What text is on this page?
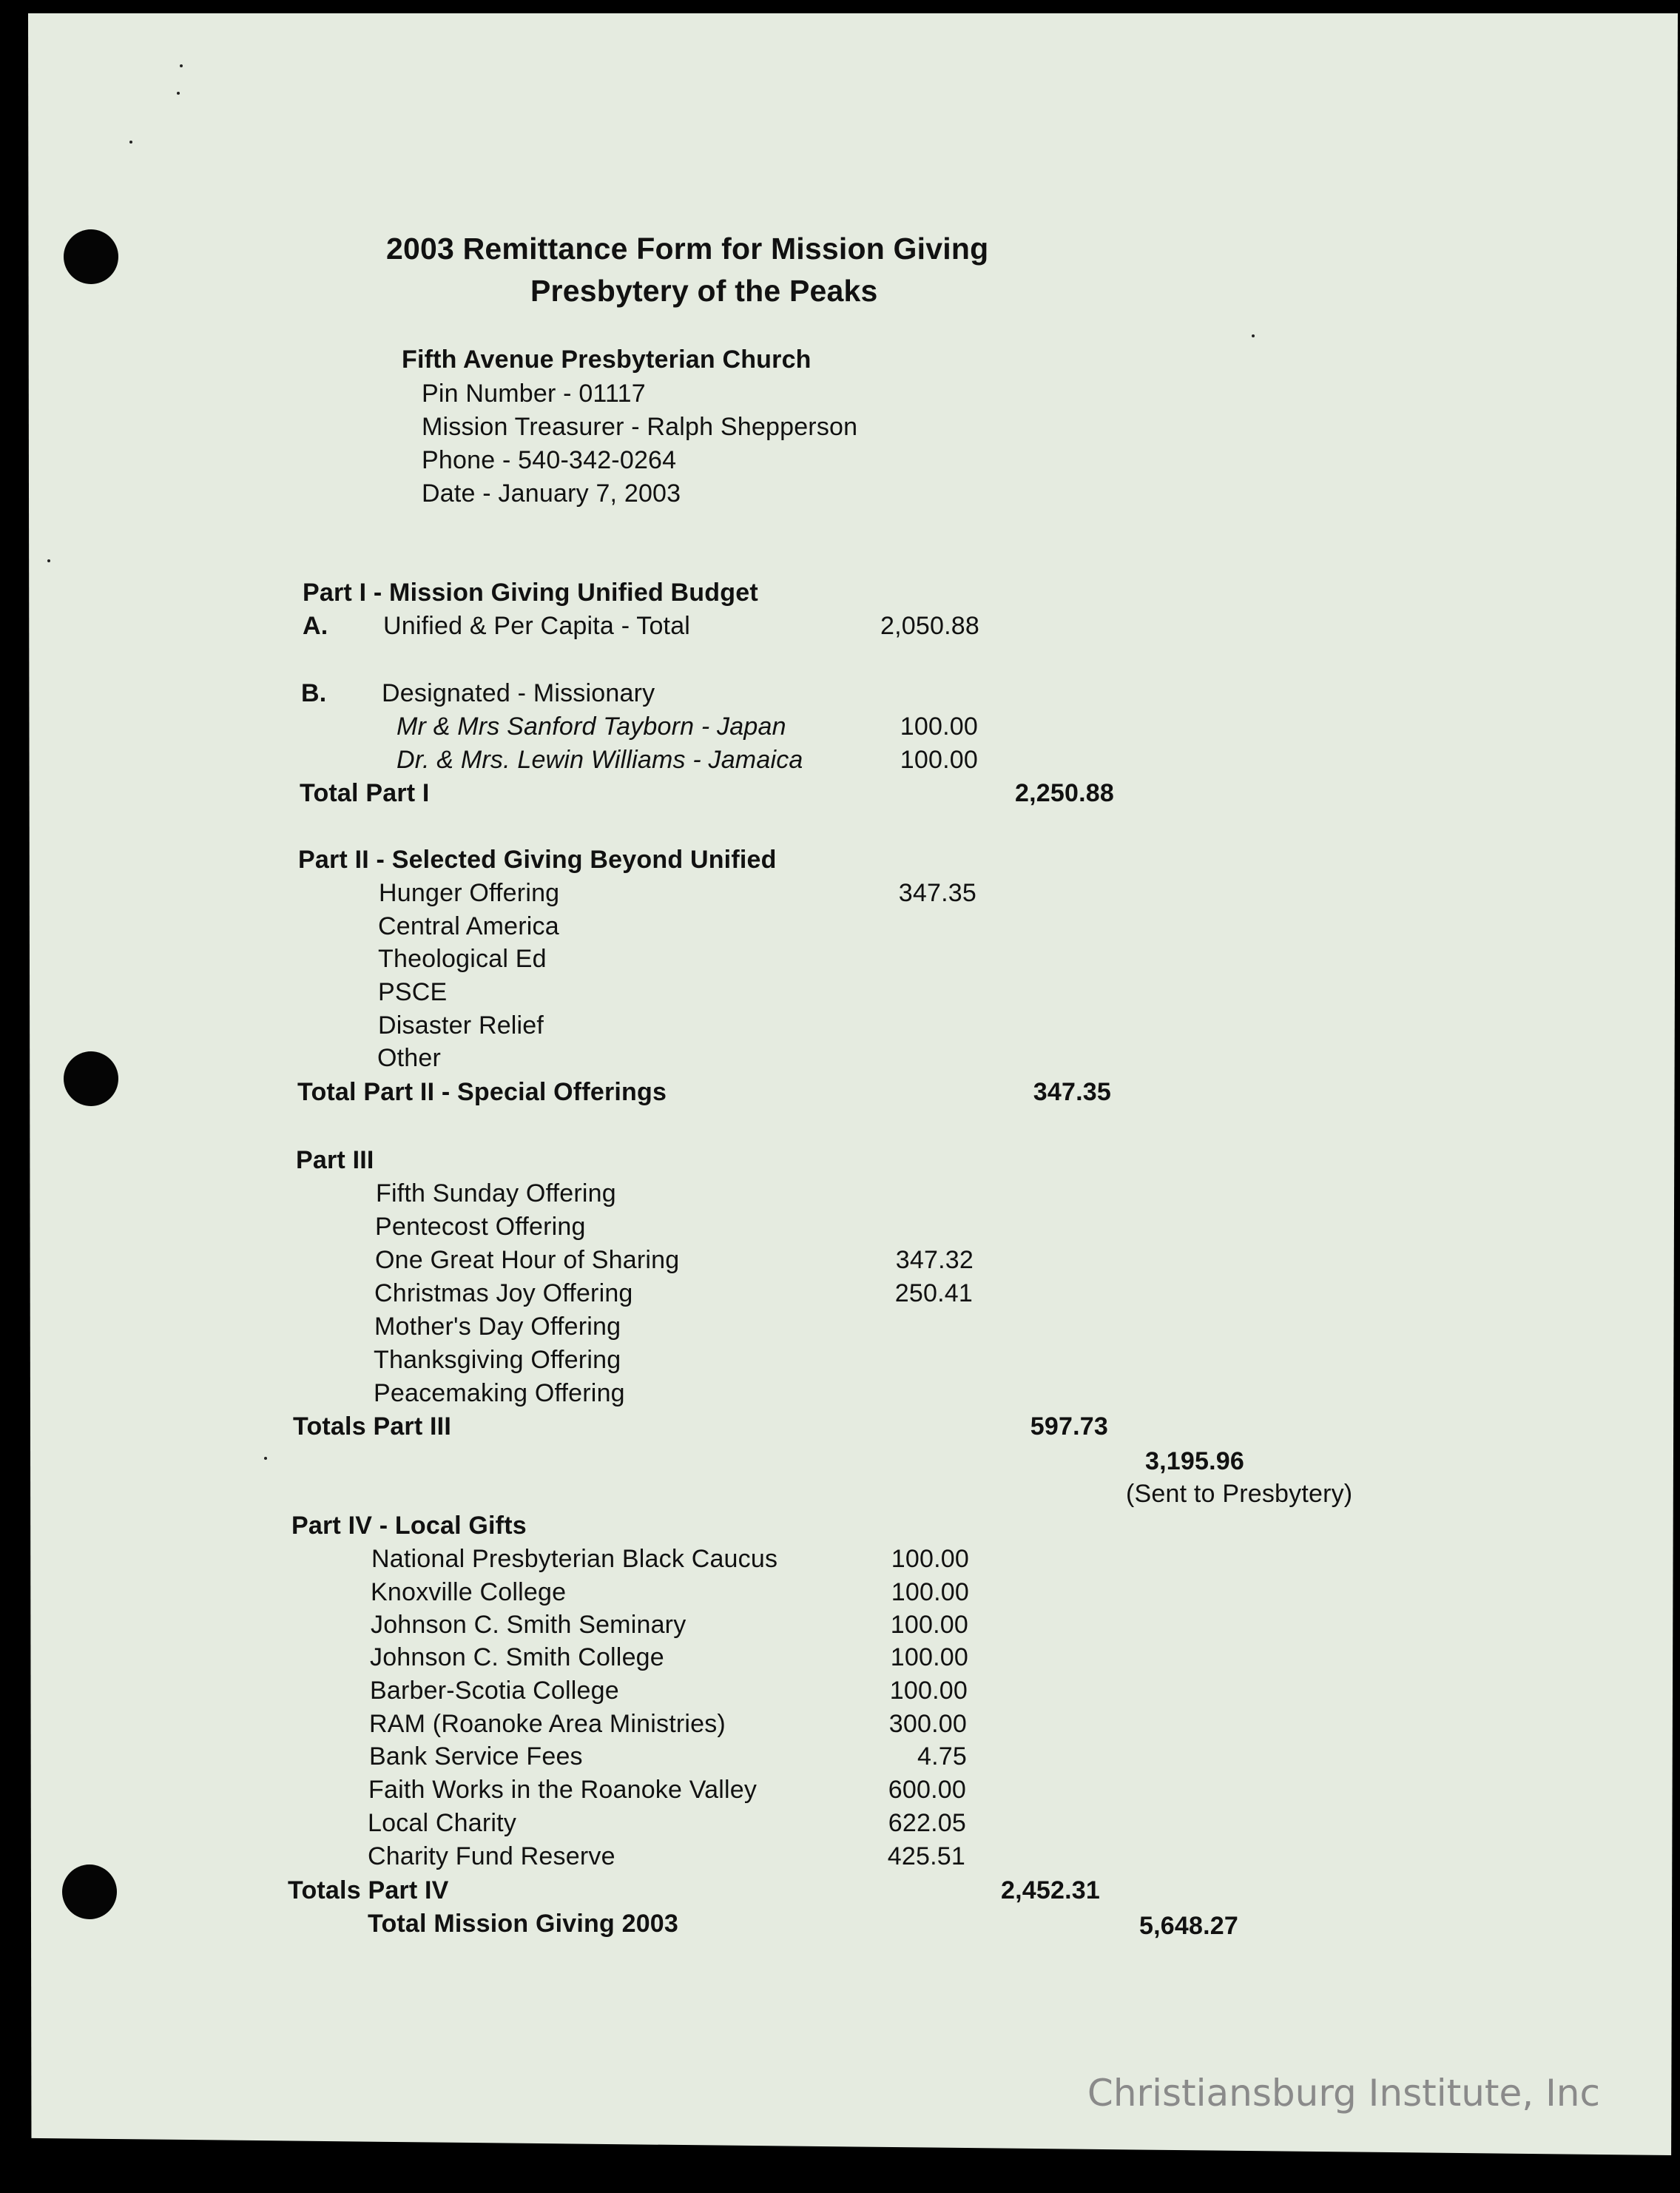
2003 Remittance Form for Mission Giving
Presbytery of the Peaks
Fifth Avenue Presbyterian Church
Pin Number - 01117
Mission Treasurer - Ralph Shepperson
Phone - 540-342-0264
Date - January 7, 2003
Part I - Mission Giving Unified Budget
A. Unified & Per Capita - Total	2,050.88
B. Designated - Missionary
Mr & Mrs Sanford Tayborn - Japan	100.00
Dr. & Mrs. Lewin Williams - Jamaica	100.00
Total Part I	2,250.88
Part II - Selected Giving Beyond Unified
Hunger Offering	347.35
Central America
Theological Ed
PSCE
Disaster Relief
Other
Total Part II - Special Offerings	347.35
Part III
Fifth Sunday Offering
Pentecost Offering
One Great Hour of Sharing	347.32
Christmas Joy Offering	250.41
Mother's Day Offering
Thanksgiving Offering
Peacemaking Offering
Totals Part III	597.73
3,195.96
(Sent to Presbytery)
Part IV - Local Gifts
National Presbyterian Black Caucus	100.00
Knoxville College	100.00
Johnson C. Smith Seminary	100.00
Johnson C. Smith College	100.00
Barber-Scotia College	100.00
RAM (Roanoke Area Ministries)	300.00
Bank Service Fees	4.75
Faith Works in the Roanoke Valley	600.00
Local Charity	622.05
Charity Fund Reserve	425.51
Totals Part IV	2,452.31
Total Mission Giving 2003	5,648.27
Christiansburg Institute, Inc
